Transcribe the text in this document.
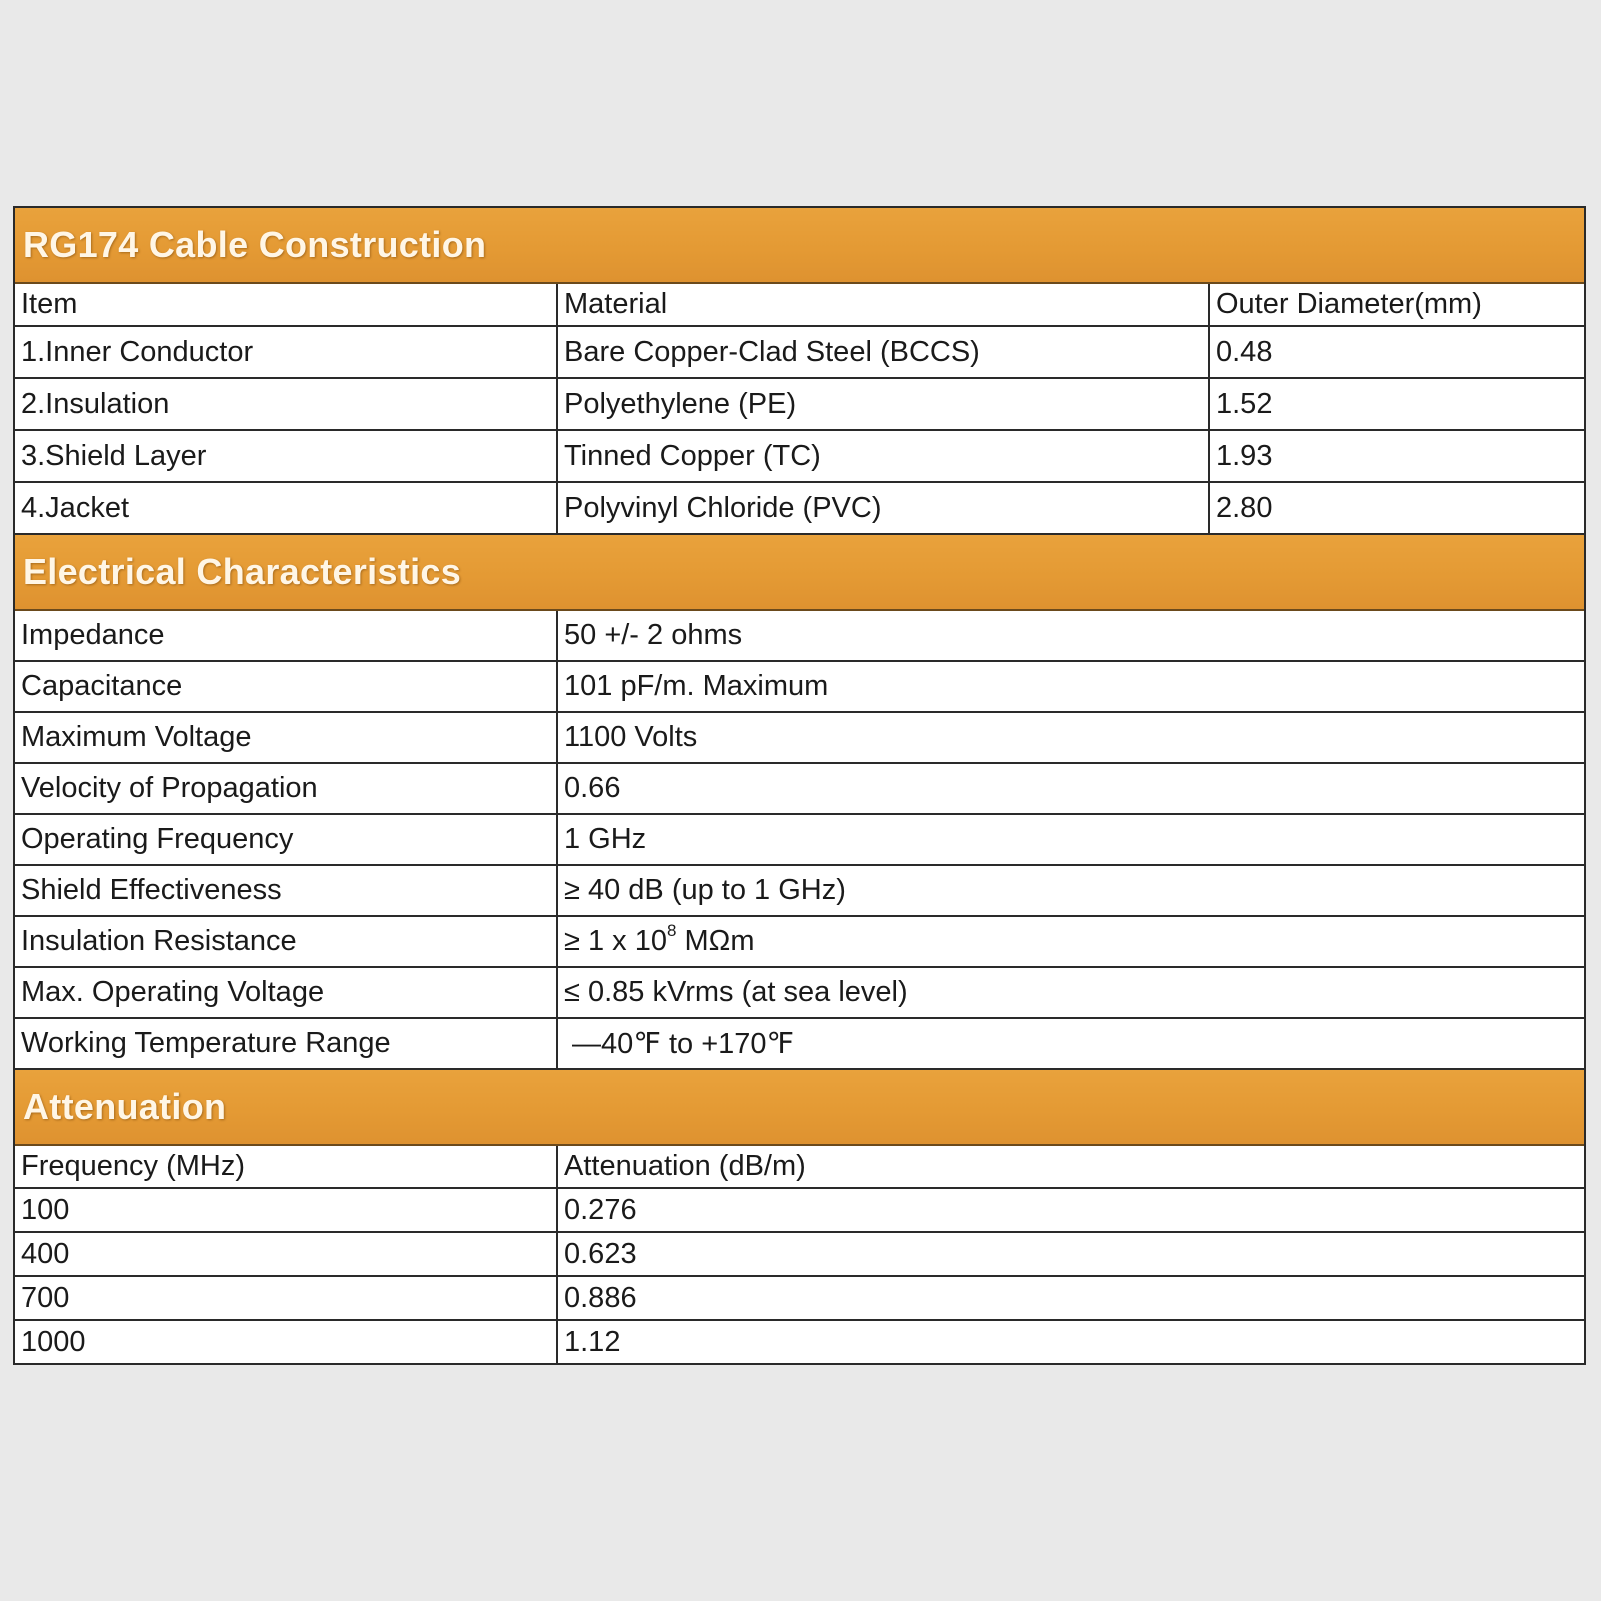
RG174 Cable Construction		
Item	Material	Outer Diameter(mm)
1.Inner Conductor	Bare Copper-Clad Steel (BCCS)	0.48
2.Insulation	Polyethylene (PE)	1.52
3.Shield Layer	Tinned Copper (TC)	1.93
4.Jacket	Polyvinyl Chloride (PVC)	2.80
Electrical Characteristics		
Impedance	50 +/- 2 ohms	
Capacitance	101 pF/m. Maximum	
Maximum Voltage	1100 Volts	
Velocity of Propagation	0.66	
Operating Frequency	1 GHz	
Shield Effectiveness	≥ 40 dB (up to 1 GHz)	
Insulation Resistance	≥ 1 x $10^8$ MΩm	
Max. Operating Voltage	≤ 0.85 kVrms (at sea level)	
Working Temperature Range	—40℉ to +170℉	
Attenuation		
Frequency (MHz)	Attenuation (dB/m)	
100	0.276	
400	0.623	
700	0.886	
1000	1.12	
